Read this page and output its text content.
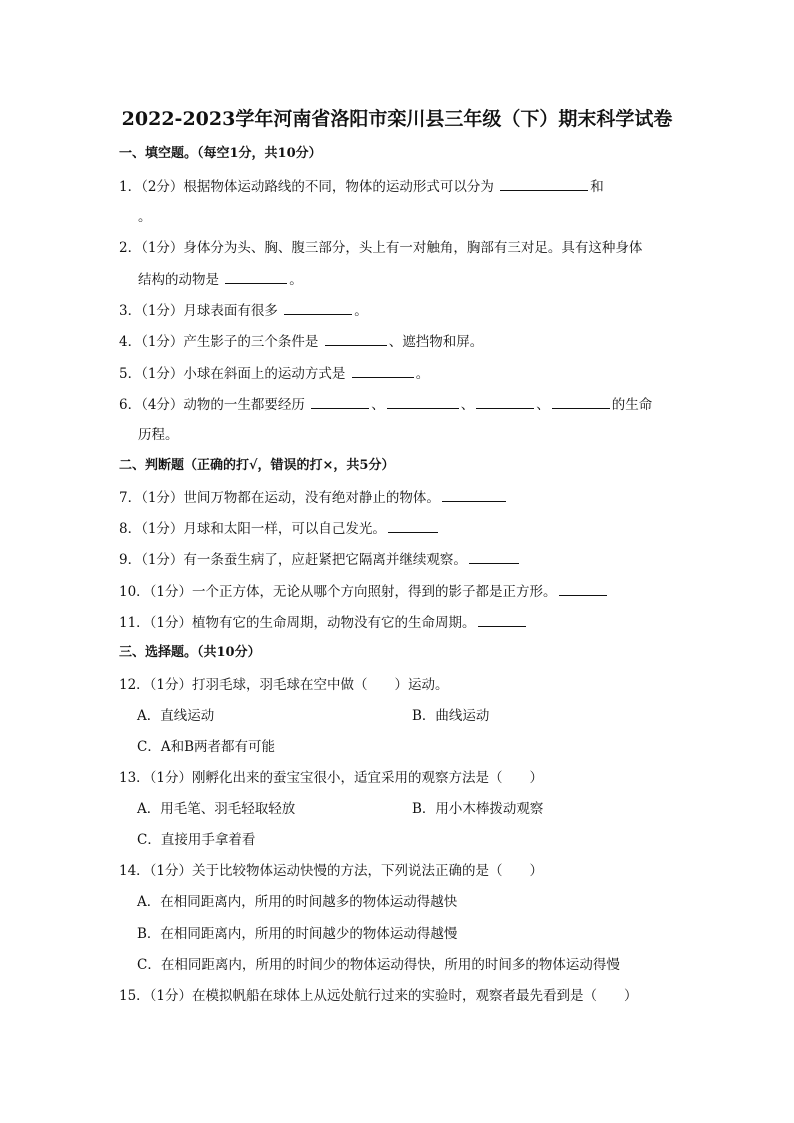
2022-2023学年河南省洛阳市栾川县三年级（下）期末科学试卷
一、填空题。（每空1分，共10分）
1．（2分）根据物体运动路线的不同，物体的运动形式可以分为	和
。
2．（1分）身体分为头、胸、腹三部分，头上有一对触角，胸部有三对足。具有这种身体
结构的动物是	。
3．（1分）月球表面有很多	。
4．（1分）产生影子的三个条件是	、遮挡物和屏。
5．（1分）小球在斜面上的运动方式是	。
6．（4分）动物的一生都要经历	、	、	、	的生命
历程。
二、判断题（正确的打√，错误的打×，共5分）
7．（1分）世间万物都在运动，没有绝对静止的物体。
8．（1分）月球和太阳一样，可以自己发光。
9．（1分）有一条蚕生病了，应赶紧把它隔离并继续观察。
10．（1分）一个正方体，无论从哪个方向照射，得到的影子都是正方形。
11．（1分）植物有它的生命周期，动物没有它的生命周期。
三、选择题。（共10分）
12．（1分）打羽毛球，羽毛球在空中做（　　）运动。
A．直线运动	B．曲线运动
C．A和B两者都有可能
13．（1分）刚孵化出来的蚕宝宝很小，适宜采用的观察方法是（　　）
A．用毛笔、羽毛轻取轻放	B．用小木棒拨动观察
C．直接用手拿着看
14．（1分）关于比较物体运动快慢的方法，下列说法正确的是（　　）
A．在相同距离内，所用的时间越多的物体运动得越快
B．在相同距离内，所用的时间越少的物体运动得越慢
C．在相同距离内，所用的时间少的物体运动得快，所用的时间多的物体运动得慢
15．（1分）在模拟帆船在球体上从远处航行过来的实验时，观察者最先看到是（　　）
